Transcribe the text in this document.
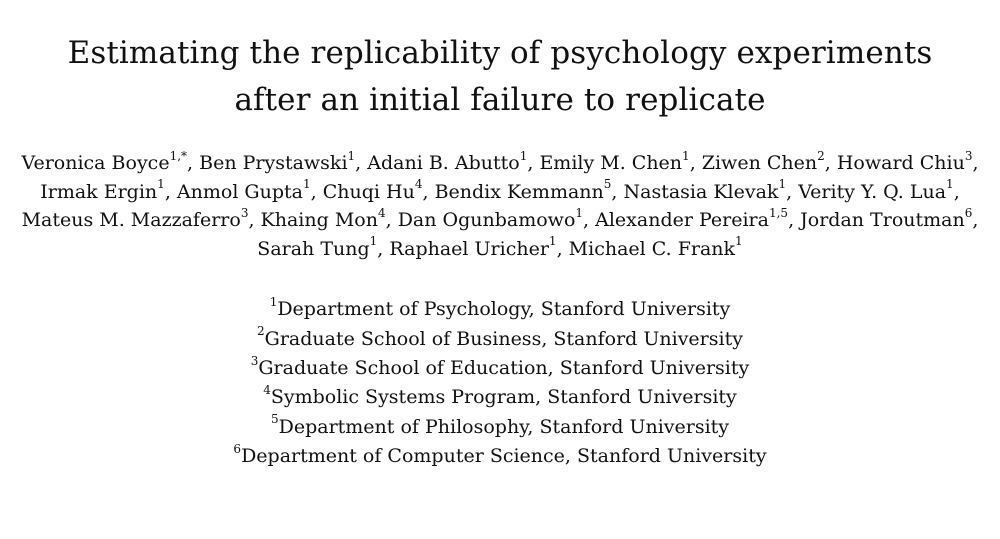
Estimating the replicability of psychology experiments after an initial failure to replicate
Veronica Boyce$^{1,*}$, Ben Prystawski$^1$, Adani B. Abutto$^1$, Emily M. Chen$^1$, Ziwen Chen$^2$, Howard Chiu$^3$, Irmak Ergin$^1$, Anmol Gupta$^1$, Chuqi Hu$^4$, Bendix Kemmann$^5$, Nastasia Klevak$^1$, Verity Y. Q. Lua$^1$, Mateus M. Mazzaferro$^3$, Khaing Mon$^4$, Dan Ogunbamowo$^1$, Alexander Pereira$^{1,5}$, Jordan Troutman$^6$, Sarah Tung$^1$, Raphael Uricher$^1$, Michael C. Frank$^1$
$^1$Department of Psychology, Stanford University
$^2$Graduate School of Business, Stanford University
$^3$Graduate School of Education, Stanford University
$^4$Symbolic Systems Program, Stanford University
$^5$Department of Philosophy, Stanford University
$^6$Department of Computer Science, Stanford University
